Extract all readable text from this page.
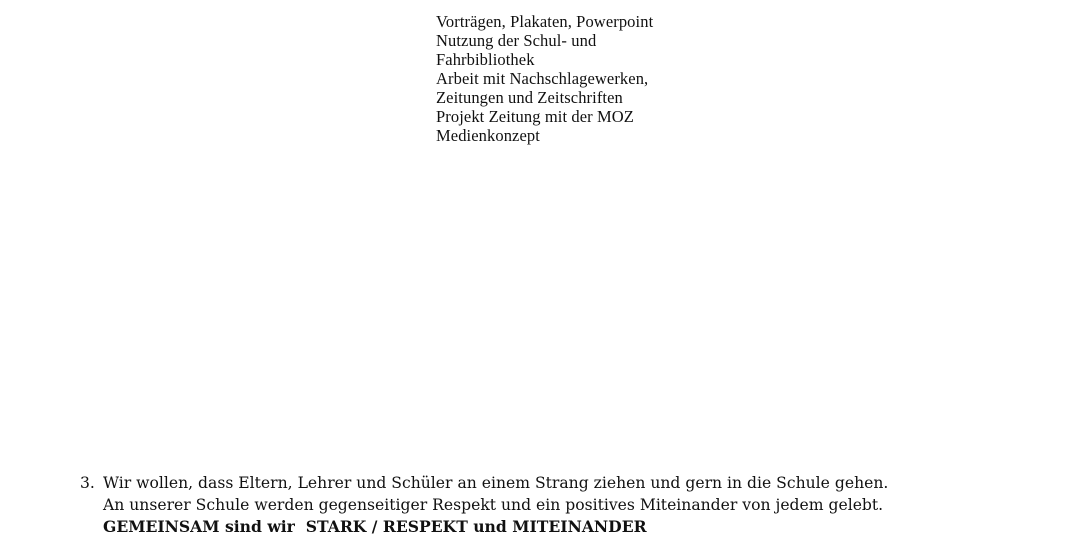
Vorträgen, Plakaten, Powerpoint
Nutzung der Schul- und
Fahrbibliothek
Arbeit mit Nachschlagewerken,
Zeitungen und Zeitschriften
Projekt Zeitung mit der MOZ
Medienkonzept
3. Wir wollen, dass Eltern, Lehrer und Schüler an einem Strang ziehen und gern in die Schule gehen.
An unserer Schule werden gegenseitiger Respekt und ein positives Miteinander von jedem gelebt.
GEMEINSAM sind wir  STARK / RESPEKT und MITEINANDER
